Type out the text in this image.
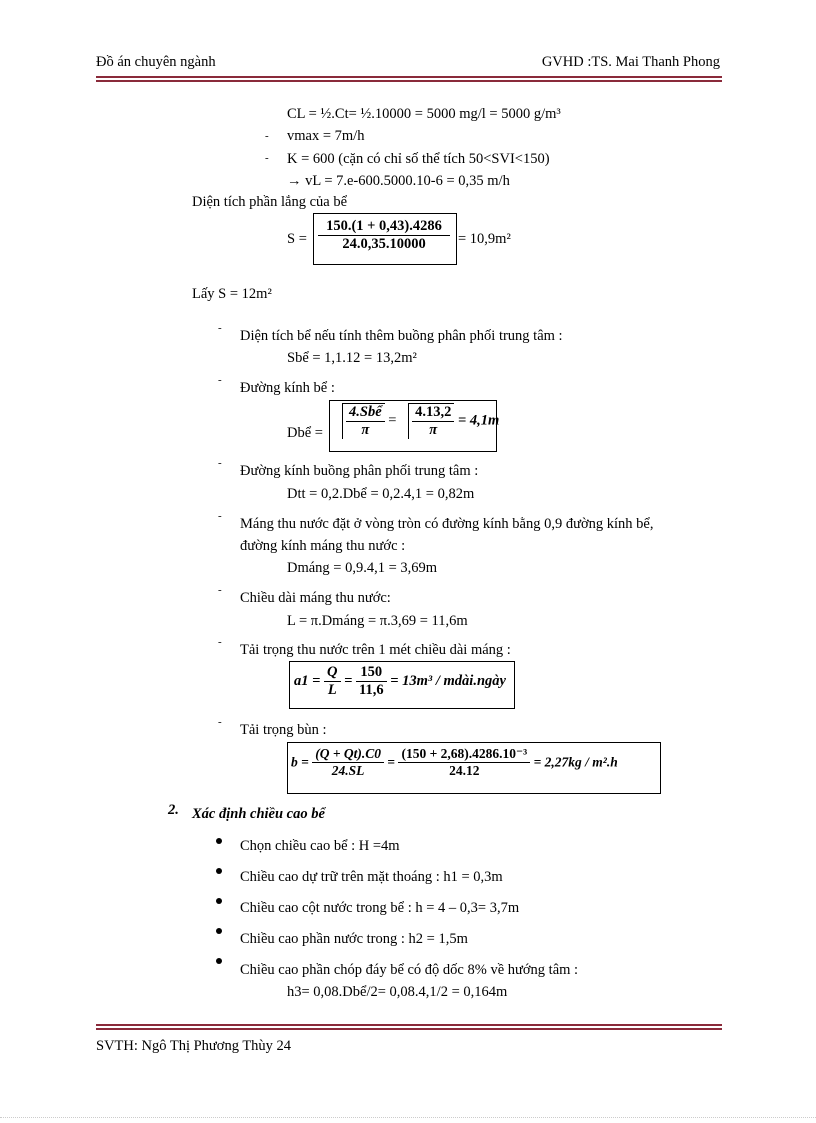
Đồ án chuyên ngành	GVHD :TS. Mai Thanh Phong
CL = ½.Ct= ½.10000 = 5000 mg/l = 5000 g/m³
- vmax = 7m/h
- K = 600 (cặn có chỉ số thể tích 50<SVI<150)
→ vL = 7.e-600.5000.10-6 = 0,35 m/h
Diện tích phần lắng của bể
$S = \frac{150.(1 + 0,43).4286}{24.0,35.10000} = 10,9m^2$
Lấy S = 12m²
- Diện tích bể nếu tính thêm buồng phân phối trung tâm :
Sbể = 1,1.12 = 13,2m²
- Đường kính bể :
Dbể = $\frac{\text{4.Sbể}}{\pi} = \frac{4.13,2}{\pi} = 4,1m$
- Đường kính buồng phân phối trung tâm :
Dtt = 0,2.Dbể = 0,2.4,1 = 0,82m
- Máng thu nước đặt ở vòng tròn có đường kính bằng 0,9 đường kính bể,
đường kính máng thu nước :
Dmáng = 0,9.4,1 = 3,69m
- Chiều dài máng thu nước:
L = π.Dmáng = π.3,69 = 11,6m
- Tải trọng thu nước trên 1 mét chiều dài máng :
$a1 = \frac{Q}{L} = \frac{150}{11,6} = 13m^3$ / mdài.ngày
- Tải trọng bùn :
$b = \frac{(Q + Qt).C0}{24.SL} = \frac{\text{(150 + 2,68).4286.10⁻³}}{24.12} = 2,27kg / m^2.h$
2. Xác định chiều cao bể
Chọn chiều cao bể : H =4m
Chiều cao dự trữ trên mặt thoáng : h1 = 0,3m
Chiều cao cột nước trong bể : h = 4 – 0,3= 3,7m
Chiều cao phần nước trong : h2 = 1,5m
Chiều cao phần chóp đáy bể có độ dốc 8% về hướng tâm :
h3= 0,08.Dbể/2= 0,08.4,1/2 = 0,164m
SVTH: Ngô Thị Phương Thùy 24
